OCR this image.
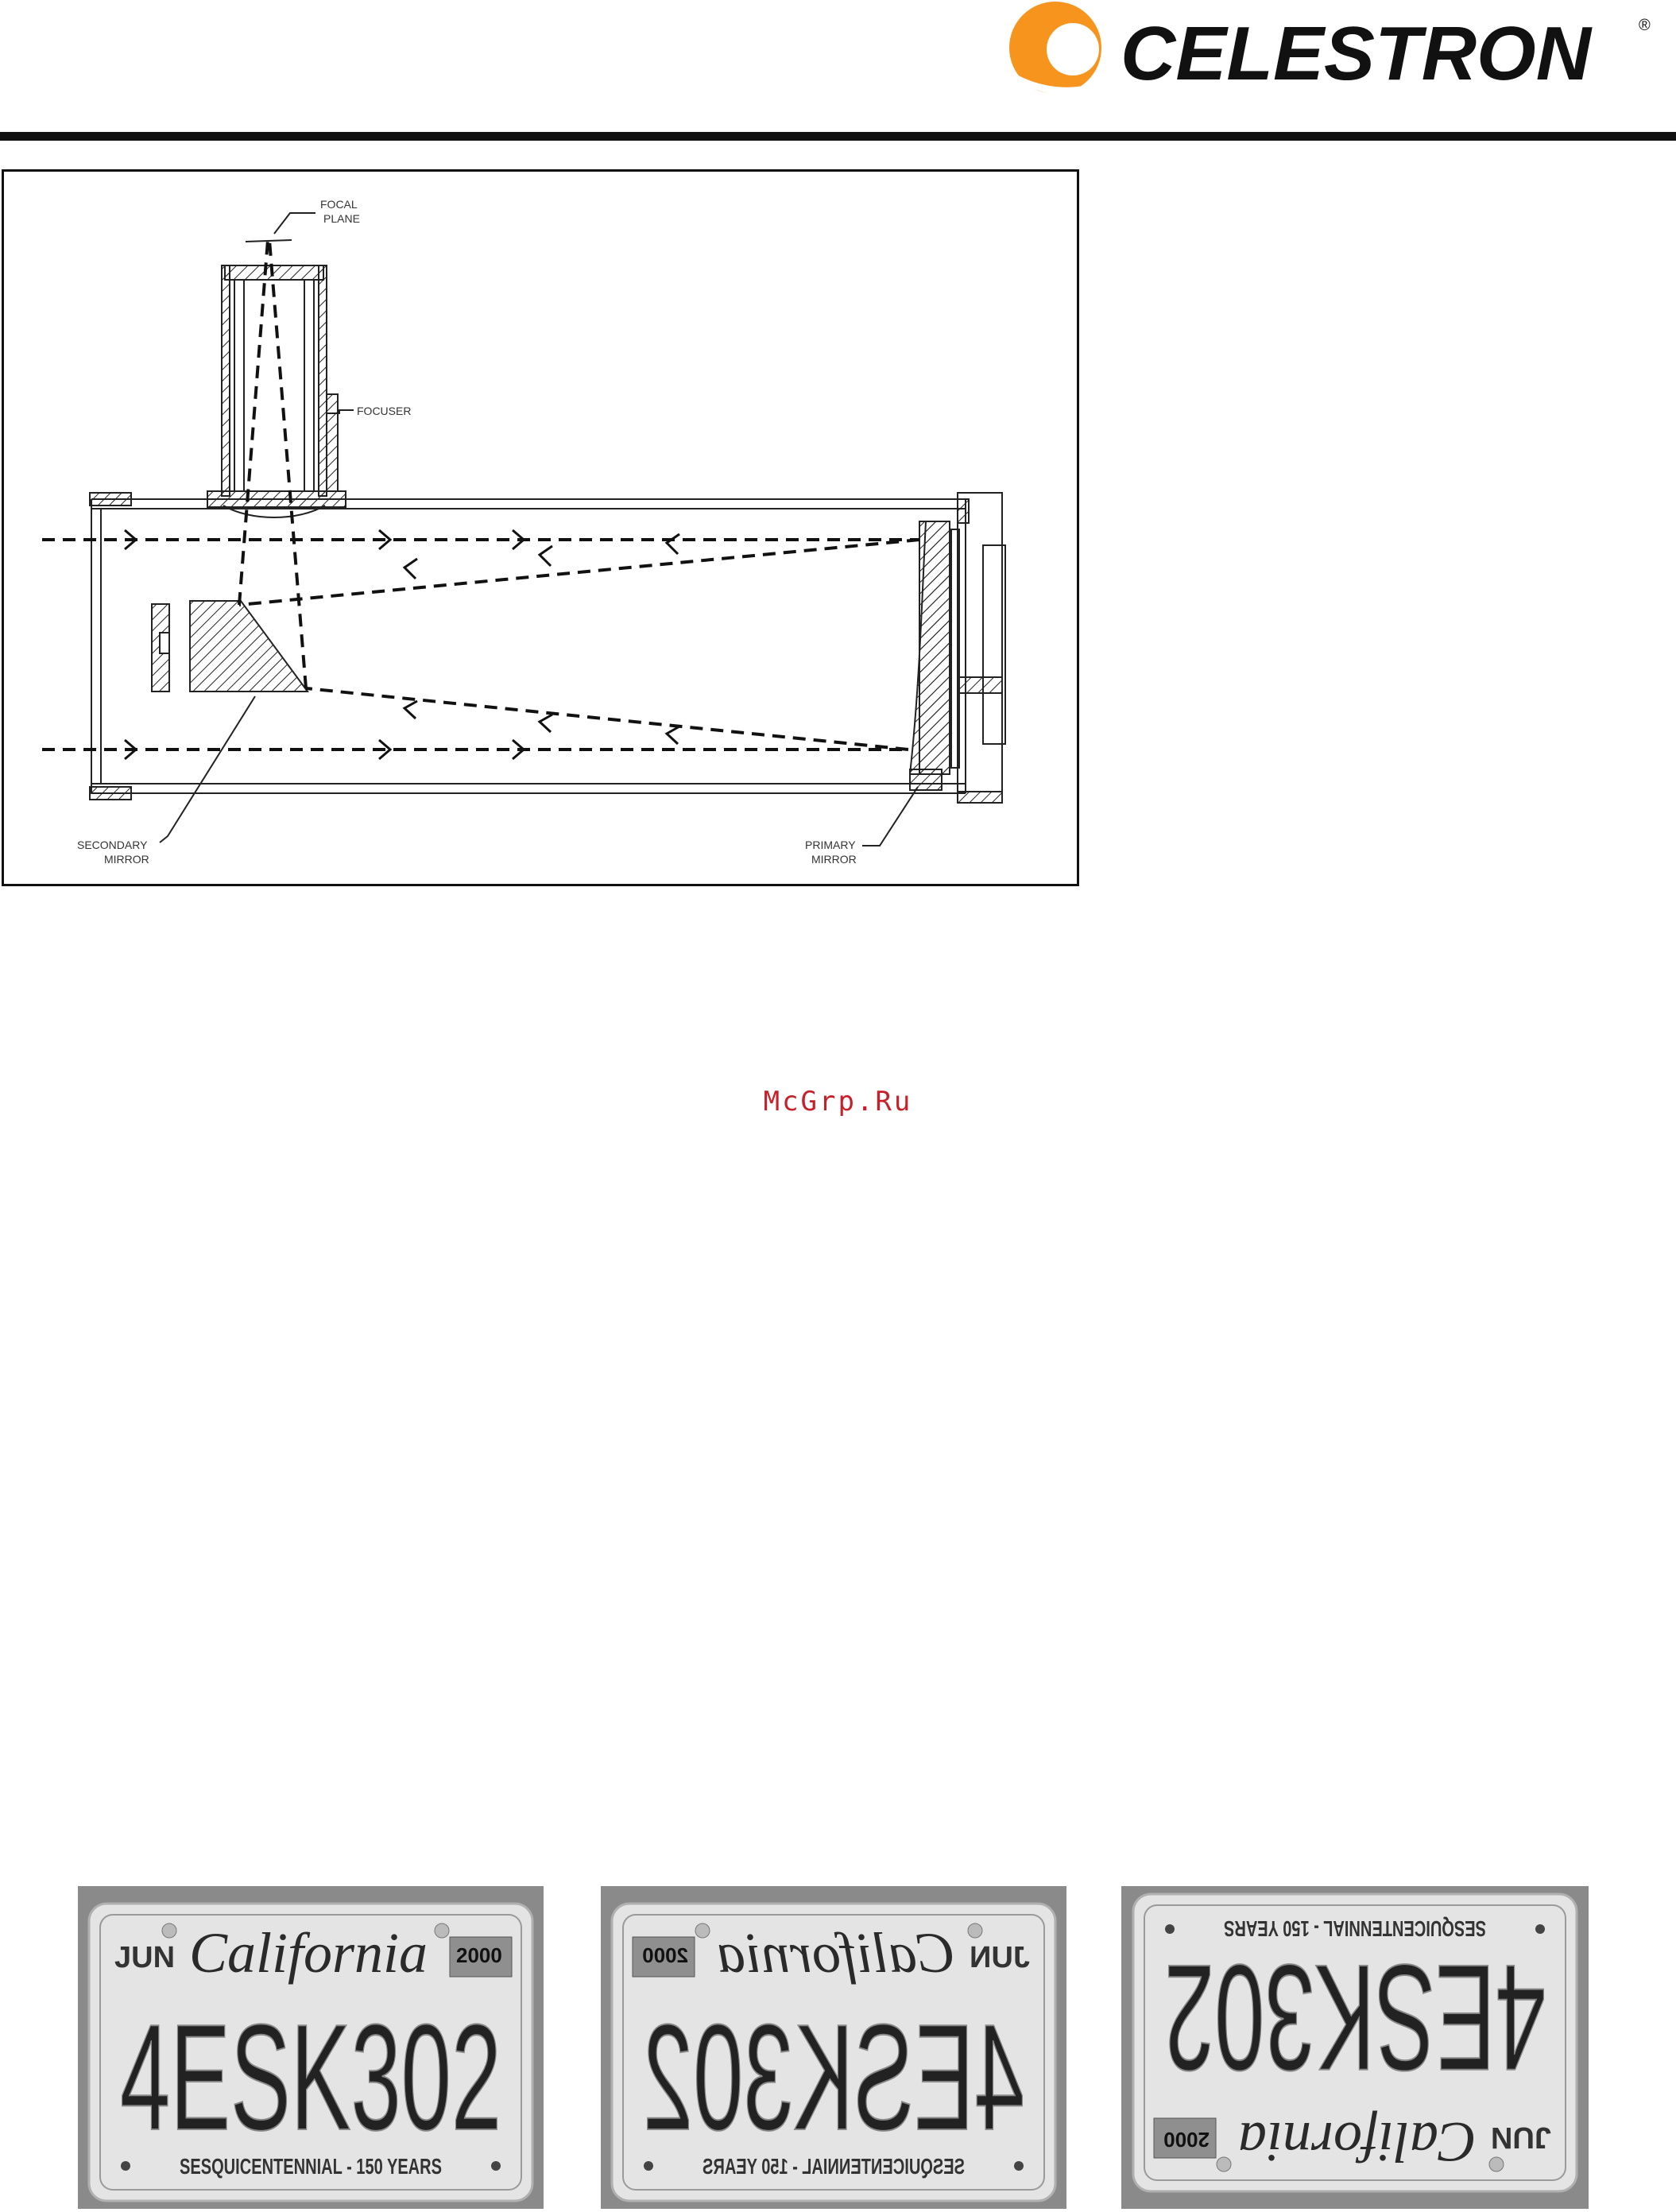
CELESTRON	®
FOCAL
PLANE
FOCUSER
SECONDARY
MIRROR
PRIMARY
MIRROR
McGrp.Ru
JUN California 2000
4ESK302
SESQUICENTENNIAL - 150 YEARS
JUN
California
2000
4ESK302
SESQUICENTENNIAL - 150 YEARS
JUN
California
2000
4ESK302
SESQUICENTENNIAL - 150 YEARS
